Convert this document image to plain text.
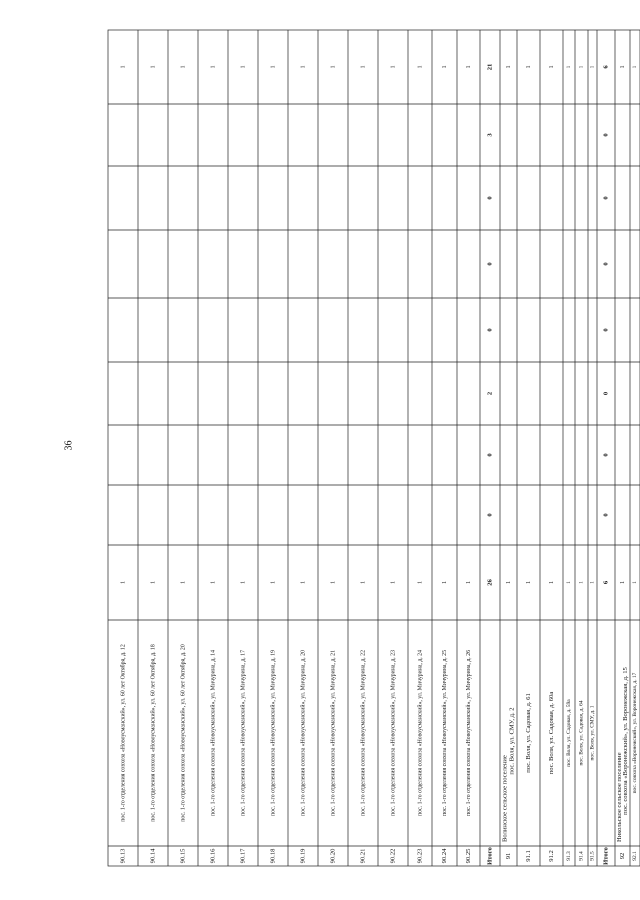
36
90.13
пос. 1-го отделения совхоза «Новоусманский», ул. 60 лет Октября, д. 12
1
1
90.14
пос. 1-го отделения совхоза «Новоусманский», ул. 60 лет Октября, д. 18
1
1
90.15
пос. 1-го отделения совхоза «Новоусманский», ул. 60 лет Октября, д. 20
1
1
90.16
пос. 1-го отделения совхоза «Новоусманский», ул. Мичурина, д. 14
1
1
90.17
пос. 1-го отделения совхоза «Новоусманский», ул. Мичурина, д. 17
1
1
90.18
пос. 1-го отделения совхоза «Новоусманский», ул. Мичурина, д. 19
1
1
90.19
пос. 1-го отделения совхоза «Новоусманский», ул. Мичурина, д. 20
1
1
90.20
пос. 1-го отделения совхоза «Новоусманский», ул. Мичурина, д. 21
1
1
90.21
пос. 1-го отделения совхоза «Новоусманский», ул. Мичурина, д. 22
1
1
90.22
пос. 1-го отделения совхоза «Новоусманский», ул. Мичурина, д. 23
1
1
90.23
пос. 1-го отделения совхоза «Новоусманский», ул. Мичурина, д. 24
1
1
90.24
пос. 1-го отделения совхоза «Новоусманский», ул. Мичурина, д. 25
1
1
90.25
пос. 1-го отделения совхоза «Новоусманский», ул. Мичурина, д. 26
1
1
Итого
21
3
0
0
0
2
0
0
26
91
Волинское сельское поселение
пос. Воля, ул. СМУ, д. 2
1
1
91.1
пос. Воля, ул. Садовая, д. 61
1
1
91.2
пос. Воля, ул. Садовая, д. 60а
1
1
91.3
пос. Воля, ул. Садовая, д. 59а
1
1
91.4
пос. Воля, ул. Садовая, д. 64
1
1
91.5
пос. Воля, ул. СМУ, д. 1
1
1
Итого
6
0
0
0
0
0
0
0
6
92
Никольское сельское поселение пос. совхоза «Воронежский», ул. Воронежская, д. 15
1
1
92.1
пос. совхоза «Воронежский», ул. Воронежская, д. 17
1
1
